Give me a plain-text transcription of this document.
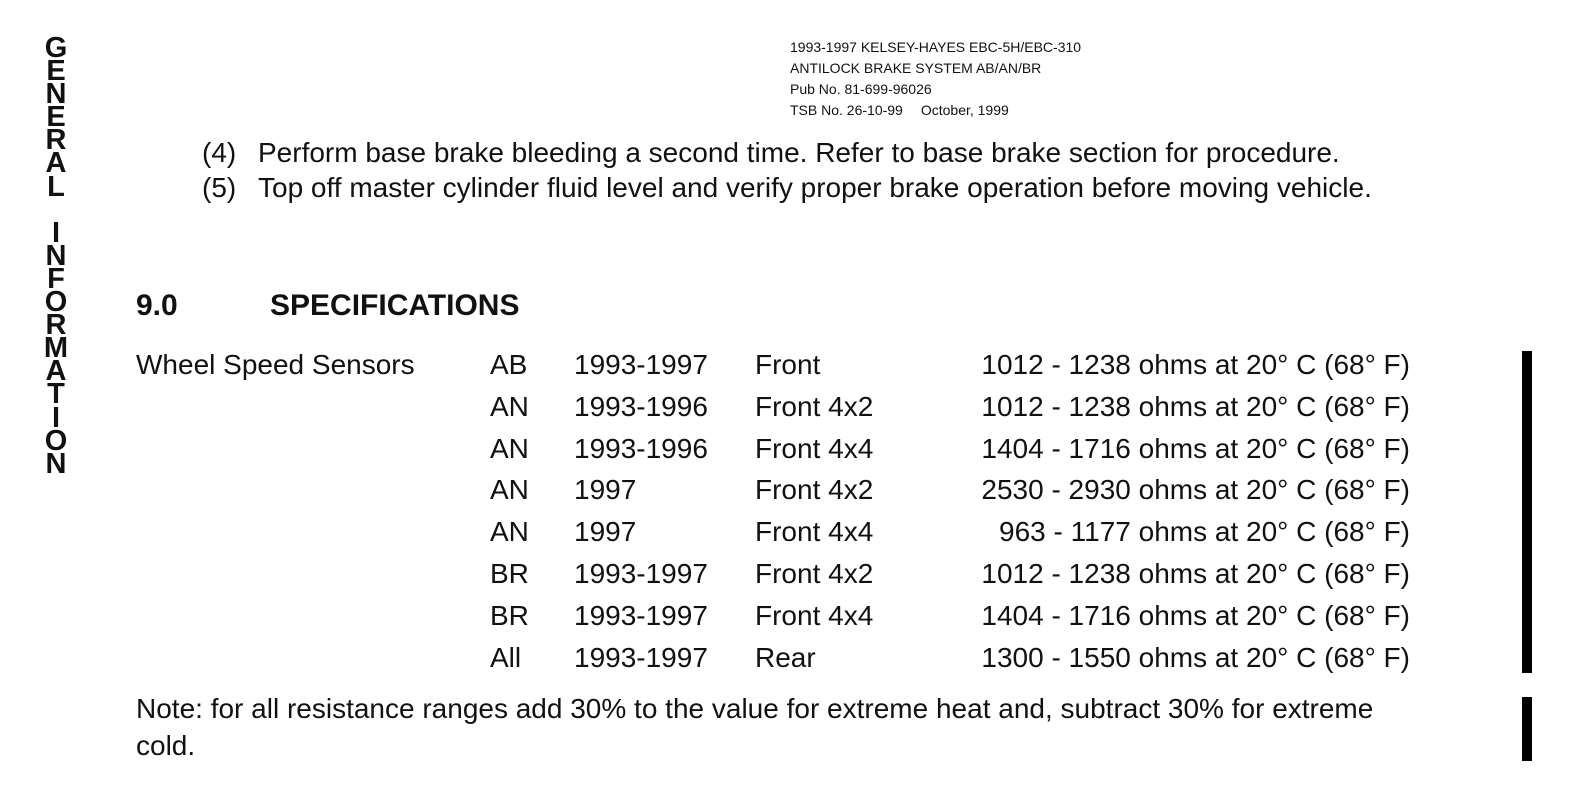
G
E
N
E
R
A
L
I
N
F
O
R
M
A
T
I
O
N
1993-1997 KELSEY-HAYES EBC-5H/EBC-310
ANTILOCK BRAKE SYSTEM AB/AN/BR
Pub No. 81-699-96026
TSB No. 26-10-99 October, 1999
(4) Perform base brake bleeding a second time. Refer to base brake section for procedure.
(5) Top off master cylinder fluid level and verify proper brake operation before moving vehicle.
9.0	SPECIFICATIONS
Wheel Speed Sensors	AB 1993-1997 Front	1012 - 1238 ohms at 20° C (68° F)
AN 1993-1996 Front 4x2	1012 - 1238 ohms at 20° C (68° F)
AN 1993-1996 Front 4x4	1404 - 1716 ohms at 20° C (68° F)
AN 1997	Front 4x2	2530 - 2930 ohms at 20° C (68° F)
AN 1997	Front 4x4	963 - 1177 ohms at 20° C (68° F)
BR 1993-1997 Front 4x2	1012 - 1238 ohms at 20° C (68° F)
BR 1993-1997 Front 4x4	1404 - 1716 ohms at 20° C (68° F)
All 1993-1997 Rear	1300 - 1550 ohms at 20° C (68° F)
Note: for all resistance ranges add 30% to the value for extreme heat and, subtract 30% for extreme cold.
